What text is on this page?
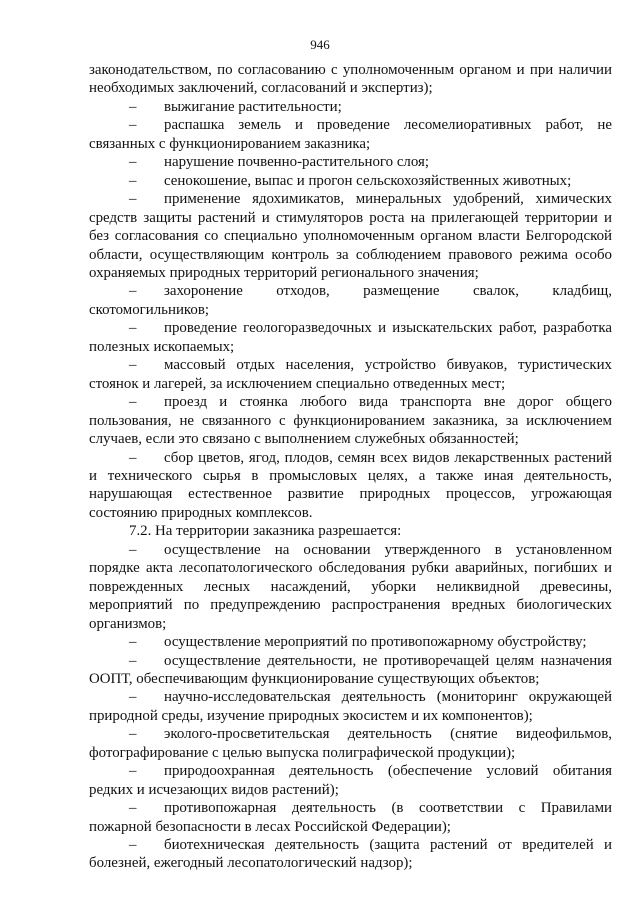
946

законодательством, по согласованию с уполномоченным органом и при наличии необходимых заключений, согласований и экспертиз);

– выжигание растительности;

– распашка земель и проведение лесомелиоративных работ, не связанных с функционированием заказника;

– нарушение почвенно-растительного слоя;

– сенокошение, выпас и прогон сельскохозяйственных животных;

– применение ядохимикатов, минеральных удобрений, химических средств защиты растений и стимуляторов роста на прилегающей территории и без согласования со специально уполномоченным органом власти Белгородской области, осуществляющим контроль за соблюдением правового режима особо охраняемых природных территорий регионального значения;

– захоронение отходов, размещение свалок, кладбищ, скотомогильников;

– проведение геологоразведочных и изыскательских работ, разработка полезных ископаемых;

– массовый отдых населения, устройство бивуаков, туристических стоянок и лагерей, за исключением специально отведенных мест;

– проезд и стоянка любого вида транспорта вне дорог общего пользования, не связанного с функционированием заказника, за исключением случаев, если это связано с выполнением служебных обязанностей;

– сбор цветов, ягод, плодов, семян всех видов лекарственных растений и технического сырья в промысловых целях, а также иная деятельность, нарушающая естественное развитие природных процессов, угрожающая состоянию природных комплексов.

7.2. На территории заказника разрешается:

– осуществление на основании утвержденного в установленном порядке акта лесопатологического обследования рубки аварийных, погибших и поврежденных лесных насаждений, уборки неликвидной древесины, мероприятий по предупреждению распространения вредных биологических организмов;

– осуществление мероприятий по противопожарному обустройству;

– осуществление деятельности, не противоречащей целям назначения ООПТ, обеспечивающим функционирование существующих объектов;

– научно-исследовательская деятельность (мониторинг окружающей природной среды, изучение природных экосистем и их компонентов);

– эколого-просветительская деятельность (снятие видеофильмов, фотографирование с целью выпуска полиграфической продукции);

– природоохранная деятельность (обеспечение условий обитания редких и исчезающих видов растений);

– противопожарная деятельность (в соответствии с Правилами пожарной безопасности в лесах Российской Федерации);

– биотехническая деятельность (защита растений от вредителей и болезней, ежегодный лесопатологический надзор);
